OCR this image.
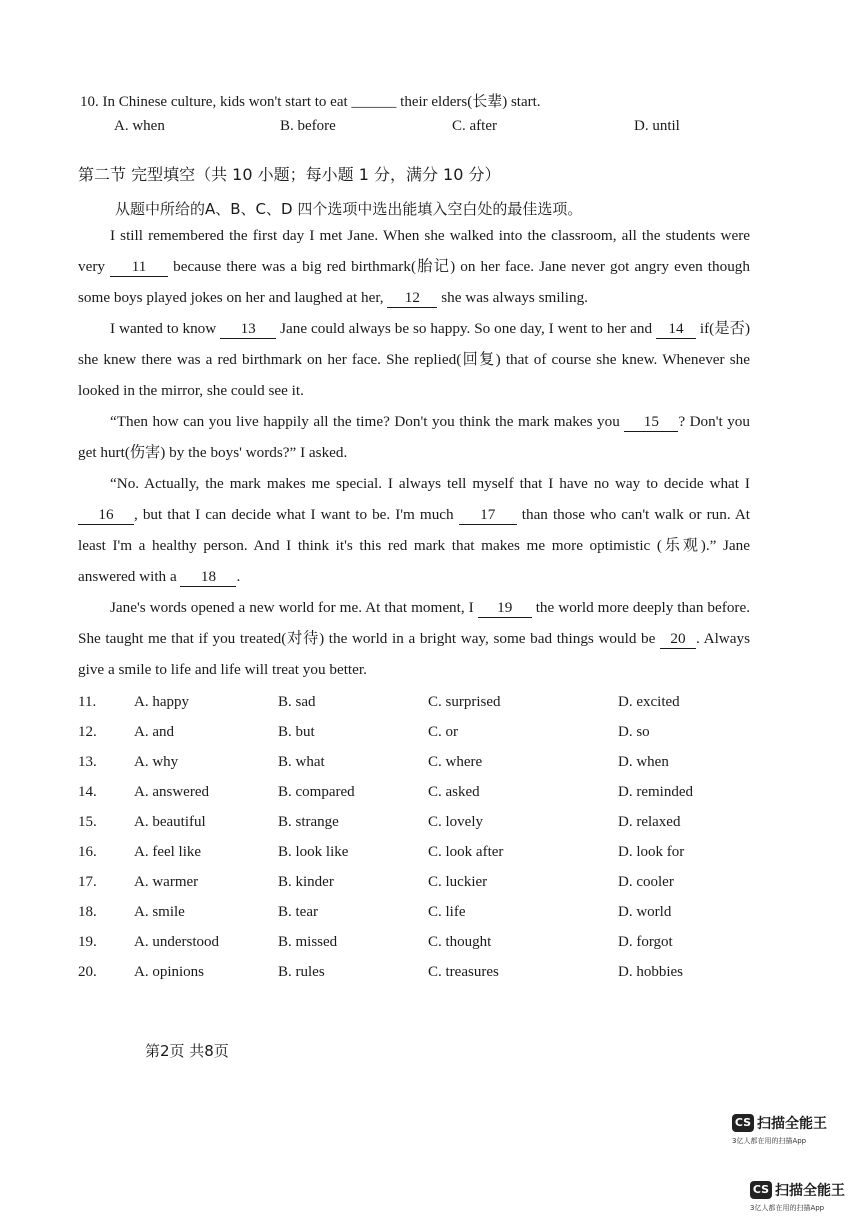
10. In Chinese culture, kids won't start to eat ______ their elders(长辈) start.
A. when	B. before	C. after	D. until
第二节 完型填空（共 10 小题；每小题 1 分，满分 10 分）
从题中所给的A、B、C、D 四个选项中选出能填入空白处的最佳选项。

I still remembered the first day I met Jane. When she walked into the classroom, all the students were very 11 because there was a big red birthmark(胎记) on her face. Jane never got angry even though some boys played jokes on her and laughed at her, 12 she was always smiling.

I wanted to know 13 Jane could always be so happy. So one day, I went to her and 14 if(是否) she knew there was a red birthmark on her face. She replied(回复) that of course she knew. Whenever she looked in the mirror, she could see it.

“Then how can you live happily all the time? Don't you think the mark makes you 15 ? Don't you get hurt(伤害) by the boys' words?” I asked.

“No. Actually, the mark makes me special. I always tell myself that I have no way to decide what I 16 , but that I can decide what I want to be. I'm much 17 than those who can't walk or run. At least I'm a healthy person. And I think it's this red mark that makes me more optimistic (乐观).” Jane answered with a 18 .

Jane's words opened a new world for me. At that moment, I 19 the world more deeply than before. She taught me that if you treated(对待) the world in a bright way, some bad things would be 20 . Always give a smile to life and life will treat you better.

11.	A. happy	B. sad	C. surprised	D. excited
12. A. and	B. but	C. or	D. so
13. A. why	B. what	C. where	D. when
14. A. answered	B. compared	C. asked	D. reminded
15. A. beautiful	B. strange	C. lovely	D. relaxed
16. A. feel like	B. look like	C. look after	D. look for
17. A. warmer	B. kinder	C. luckier	D. cooler
18. A. smile	B. tear	C. life	D. world
19. A. understood	B. missed	C. thought	D. forgot
20. A. opinions	B. rules	C. treasures	D. hobbies
第2页 共8页
CS 扫描全能王
3亿人都在用的扫描App
CS 扫描全能王
3亿人都在用的扫描App
